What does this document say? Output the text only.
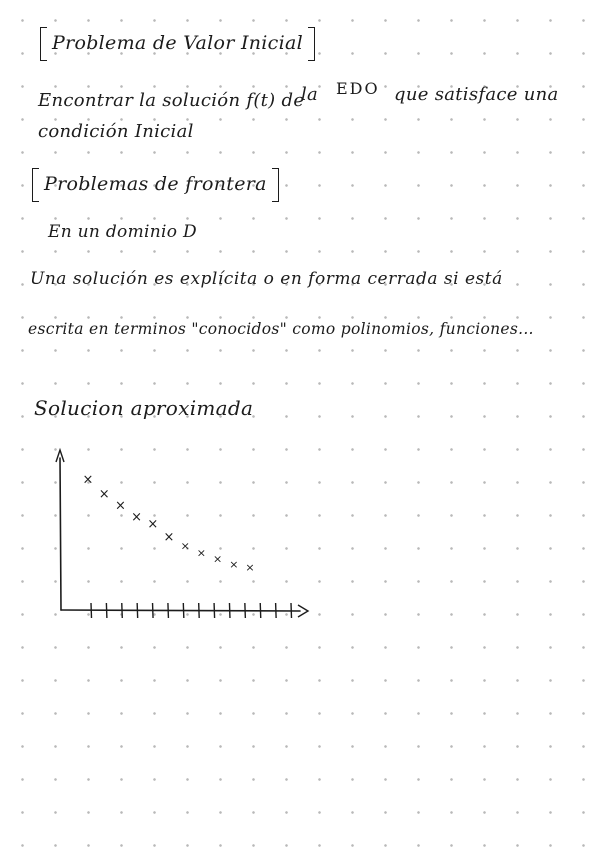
Problema de Valor Inicial
Encontrar la solución f(t) de
la EDO que satisface una
condición Inicial
Problemas de frontera
En un dominio D
Una solución es explícita o en forma cerrada si está
escrita en terminos "conocidos" como polinomios, funciones...
Solucion aproximada
×
×
×
× ×
×
×
× × × ×
